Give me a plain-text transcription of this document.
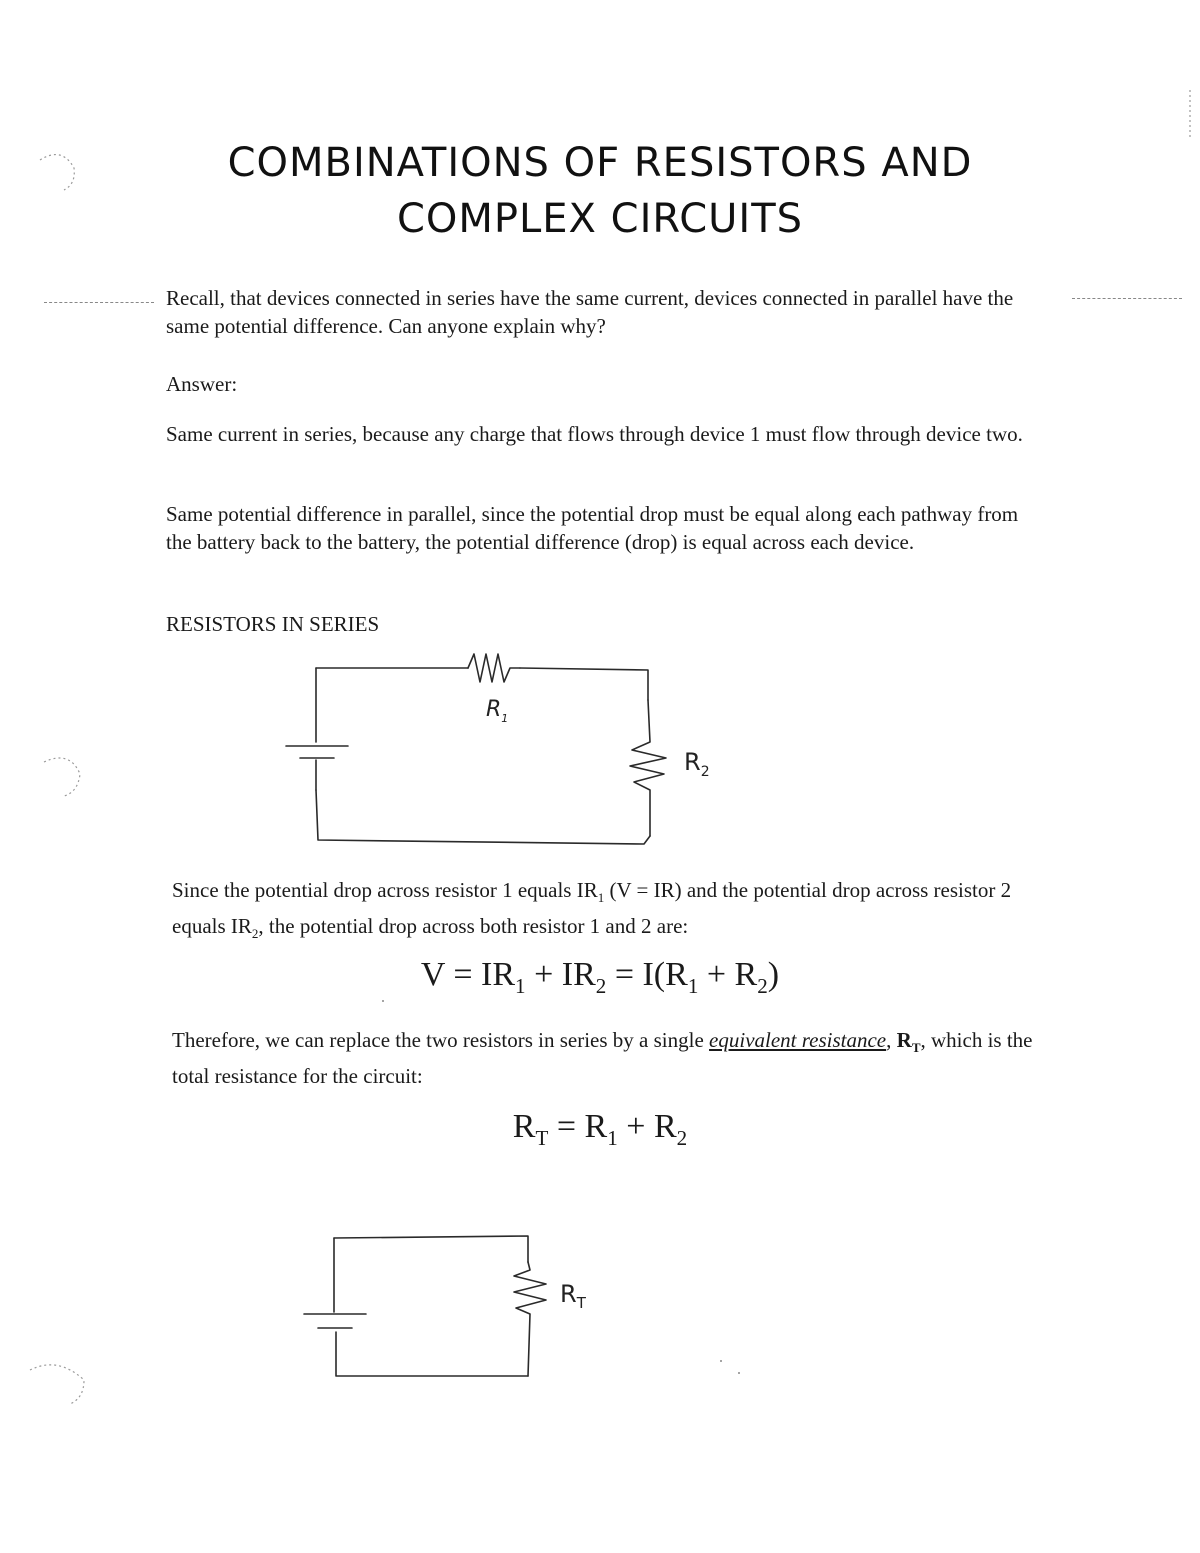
COMBINATIONS OF RESISTORS AND
COMPLEX CIRCUITS

Recall, that devices connected in series have the same current, devices connected in parallel have the same potential difference. Can anyone explain why?

Answer:

Same current in series, because any charge that flows through device 1 must flow through device two.

Same potential difference in parallel, since the potential drop must be equal along each pathway from the battery back to the battery, the potential difference (drop) is equal across each device.

RESISTORS IN SERIES

$R_1$
$R_2$

Since the potential drop across resistor 1 equals $IR_1$ (V = IR) and the potential drop across resistor 2 equals $IR_2$, the potential drop across both resistor 1 and 2 are:

$V = IR_1 + IR_2 = I(R_1 + R_2)$

Therefore, we can replace the two resistors in series by a single equivalent resistance, $R_T$, which is the total resistance for the circuit:

$R_T = R_1 + R_2$

$R_T$
